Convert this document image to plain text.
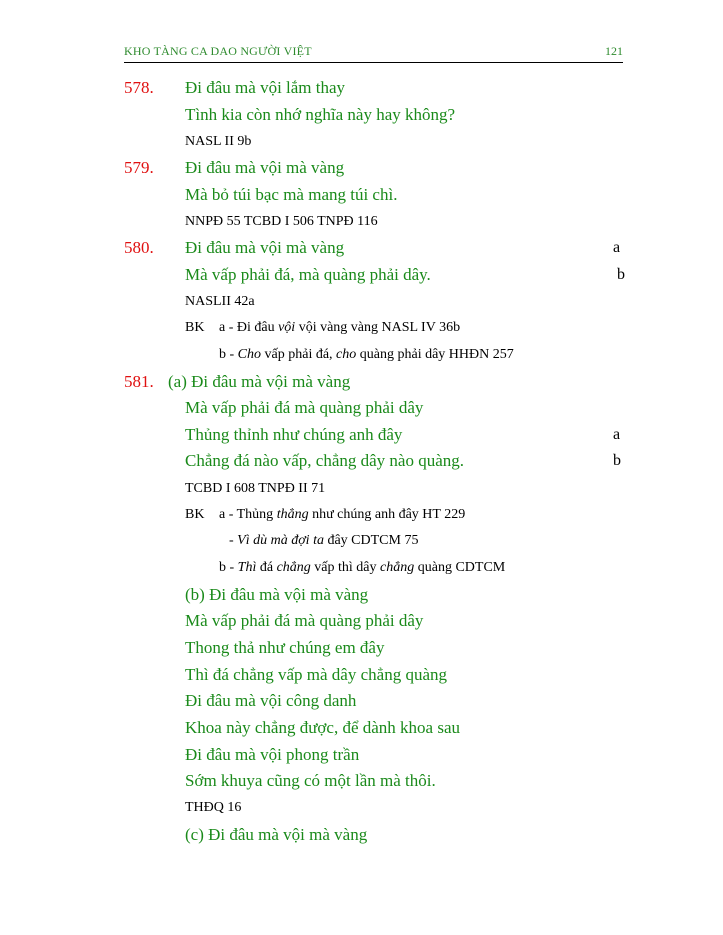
KHO TÀNG CA DAO NGƯỜI VIỆT	121
578. Đi đâu mà vội lắm thay
Tình kia còn nhớ nghĩa này hay không?
NASL II 9b
579. Đi đâu mà vội mà vàng
Mà bỏ túi bạc mà mang túi chì.
NNPĐ 55 TCBD I 506 TNPĐ 116
580. Đi đâu mà vội mà vàng	a
Mà vấp phải đá, mà quàng phải dây.	b
NASLII 42a
BK a - Đi đâu vội vội vàng vàng NASL IV 36b
b - Cho vấp phải đá, cho quàng phải dây HHĐN 257
581. (a) Đi đâu mà vội mà vàng
Mà vấp phải đá mà quàng phải dây
Thủng thỉnh như chúng anh đây	a
Chẳng đá nào vấp, chẳng dây nào quàng.	b
TCBD I 608 TNPĐ II 71
BK a - Thủng thẳng như chúng anh đây HT 229
- Vì dù mà đợi ta đây CDTCM 75
b - Thì đá chẳng vấp thì dây chẳng quàng CDTCM
(b) Đi đâu mà vội mà vàng
Mà vấp phải đá mà quàng phải dây
Thong thả như chúng em đây
Thì đá chẳng vấp mà dây chẳng quàng
Đi đâu mà vội công danh
Khoa này chẳng được, để dành khoa sau
Đi đâu mà vội phong trần
Sớm khuya cũng có một lần mà thôi.
THĐQ 16
(c) Đi đâu mà vội mà vàng
